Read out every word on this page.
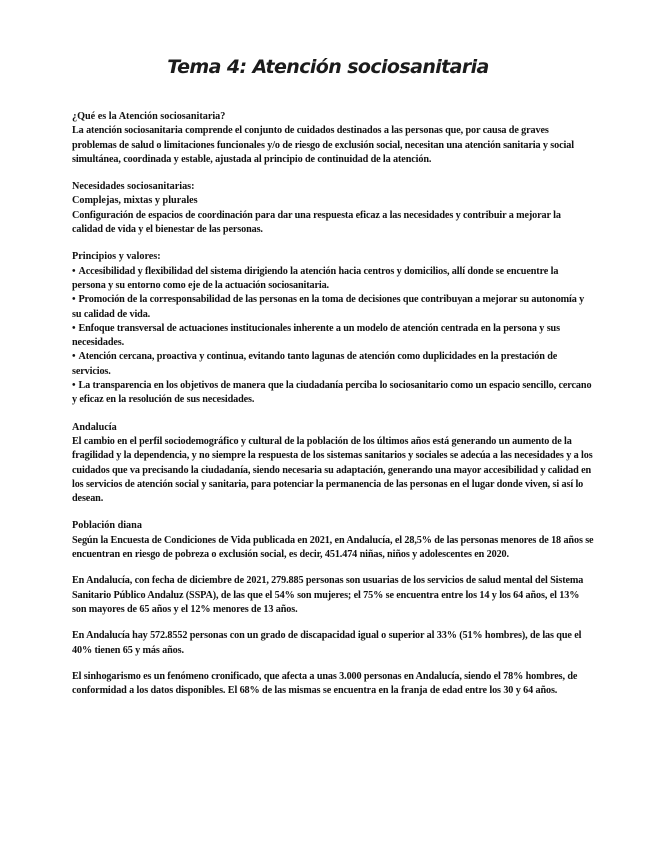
Tema 4: Atención sociosanitaria
¿Qué es la Atención sociosanitaria?
La atención sociosanitaria comprende el conjunto de cuidados destinados a las personas que, por causa de graves problemas de salud o limitaciones funcionales y/o de riesgo de exclusión social, necesitan una atención sanitaria y social simultánea, coordinada y estable, ajustada al principio de continuidad de la atención.
Necesidades sociosanitarias:
Complejas, mixtas y plurales
Configuración de espacios de coordinación para dar una respuesta eficaz a las necesidades y contribuir a mejorar la calidad de vida y el bienestar de las personas.
Principios y valores:
• Accesibilidad y flexibilidad del sistema dirigiendo la atención hacia centros y domicilios, allí donde se encuentre la persona y su entorno como eje de la actuación sociosanitaria.
• Promoción de la corresponsabilidad de las personas en la toma de decisiones que contribuyan a mejorar su autonomía y su calidad de vida.
• Enfoque transversal de actuaciones institucionales inherente a un modelo de atención centrada en la persona y sus necesidades.
• Atención cercana, proactiva y continua, evitando tanto lagunas de atención como duplicidades en la prestación de servicios.
• La transparencia en los objetivos de manera que la ciudadanía perciba lo sociosanitario como un espacio sencillo, cercano y eficaz en la resolución de sus necesidades.
Andalucía
El cambio en el perfil sociodemográfico y cultural de la población de los últimos años está generando un aumento de la fragilidad y la dependencia, y no siempre la respuesta de los sistemas sanitarios y sociales se adecúa a las necesidades y a los cuidados que va precisando la ciudadanía, siendo necesaria su adaptación, generando una mayor accesibilidad y calidad en los servicios de atención social y sanitaria, para potenciar la permanencia de las personas en el lugar donde viven, si así lo desean.
Población diana
Según la Encuesta de Condiciones de Vida publicada en 2021, en Andalucía, el 28,5% de las personas menores de 18 años se encuentran en riesgo de pobreza o exclusión social, es decir, 451.474 niñas, niños y adolescentes en 2020.
En Andalucía, con fecha de diciembre de 2021, 279.885 personas son usuarias de los servicios de salud mental del Sistema Sanitario Público Andaluz (SSPA), de las que el 54% son mujeres; el 75% se encuentra entre los 14 y los 64 años, el 13% son mayores de 65 años y el 12% menores de 13 años.
En Andalucía hay 572.8552 personas con un grado de discapacidad igual o superior al 33% (51% hombres), de las que el 40% tienen 65 y más años.
El sinhogarismo es un fenómeno cronificado, que afecta a unas 3.000 personas en Andalucía, siendo el 78% hombres, de conformidad a los datos disponibles. El 68% de las mismas se encuentra en la franja de edad entre los 30 y 64 años.
